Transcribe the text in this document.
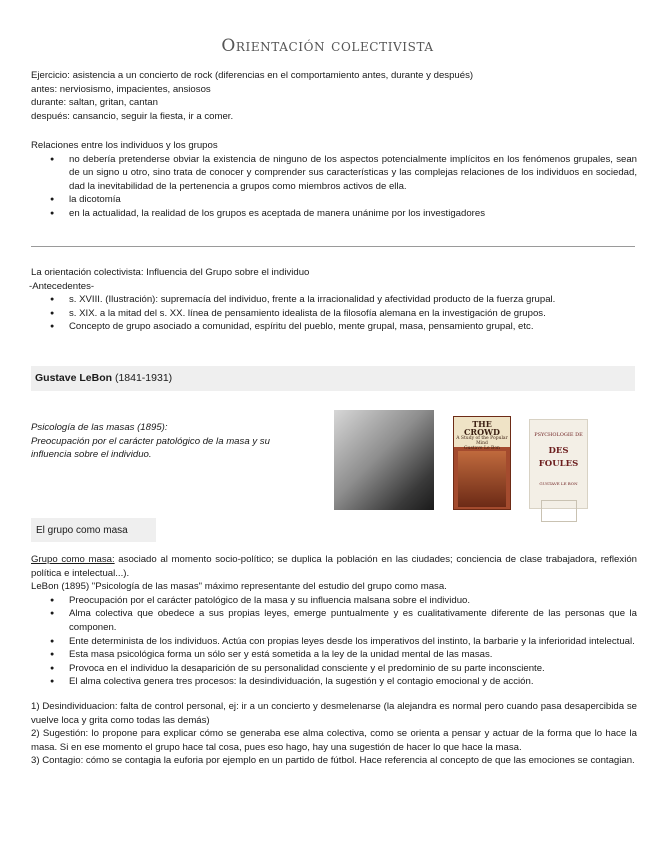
Orientación colectivista

Ejercicio: asistencia a un concierto de rock (diferencias en el comportamiento antes, durante y después)

antes: nerviosismo, impacientes, ansiosos

durante: saltan, gritan, cantan

después: cansancio, seguir la fiesta, ir a comer.

Relaciones entre los individuos y los grupos

● no debería pretenderse obviar la existencia de ninguno de los aspectos potencialmente implícitos en los fenómenos grupales, sean de un signo u otro, sino trata de conocer y comprender sus características y las complejas relaciones de los individuos en sociedad, dad la inevitabilidad de la pertenencia a grupos como miembros activos de ella.
● la dicotomía
● en la actualidad, la realidad de los grupos es aceptada de manera unánime por los investigadores

La orientación colectivista: Influencia del Grupo sobre el individuo

-Antecedentes-

● s. XVIII. (Ilustración): supremacía del individuo, frente a la irracionalidad y afectividad producto de la fuerza grupal.
● s. XIX. a la mitad del s. XX. línea de pensamiento idealista de la filosofía alemana en la investigación de grupos.
● Concepto de grupo asociado a comunidad, espíritu del pueblo, mente grupal, masa, pensamiento grupal, etc.
Gustave LeBon (1841-1931)

Psicología de las masas (1895):

Preocupación por el carácter patológico de la masa y su influencia sobre el individuo.

THE CROWD
A Study of the Popular Mind
Gustave Le Bon
PSYCHOLOGIE DE
DES FOULES
GUSTAVE LE BON
El grupo como masa

Grupo como masa: asociado al momento socio-político; se duplica la población en las ciudades; conciencia de clase trabajadora, reflexión política e intelectual...).

LeBon (1895) "Psicología de las masas" máximo representante del estudio del grupo como masa.

● Preocupación por el carácter patológico de la masa y su influencia malsana sobre el individuo.
● Alma colectiva que obedece a sus propias leyes, emerge puntualmente y es cualitativamente diferente de las personas que la componen.
● Ente determinista de los individuos. Actúa con propias leyes desde los imperativos del instinto, la barbarie y la inferioridad intelectual.
● Esta masa psicológica forma un sólo ser y está sometida a la ley de la unidad mental de las masas.
● Provoca en el individuo la desaparición de su personalidad consciente y el predominio de su parte inconsciente.
● El alma colectiva genera tres procesos: la desindividuación, la sugestión y el contagio emocional y de acción.

1) Desindividuacion: falta de control personal, ej: ir a un concierto y desmelenarse (la alejandra es normal pero cuando pasa desapercibida se vuelve loca y grita como todas las demás)

2) Sugestión: lo propone para explicar cómo se generaba ese alma colectiva, como se orienta a pensar y actuar de la forma que lo hace la masa. Si en ese momento el grupo hace tal cosa, pues eso hago, hay una sugestión de hacer lo que hace la masa.

3) Contagio: cómo se contagia la euforia por ejemplo en un partido de fútbol. Hace referencia al concepto de que las emociones se contagian.
